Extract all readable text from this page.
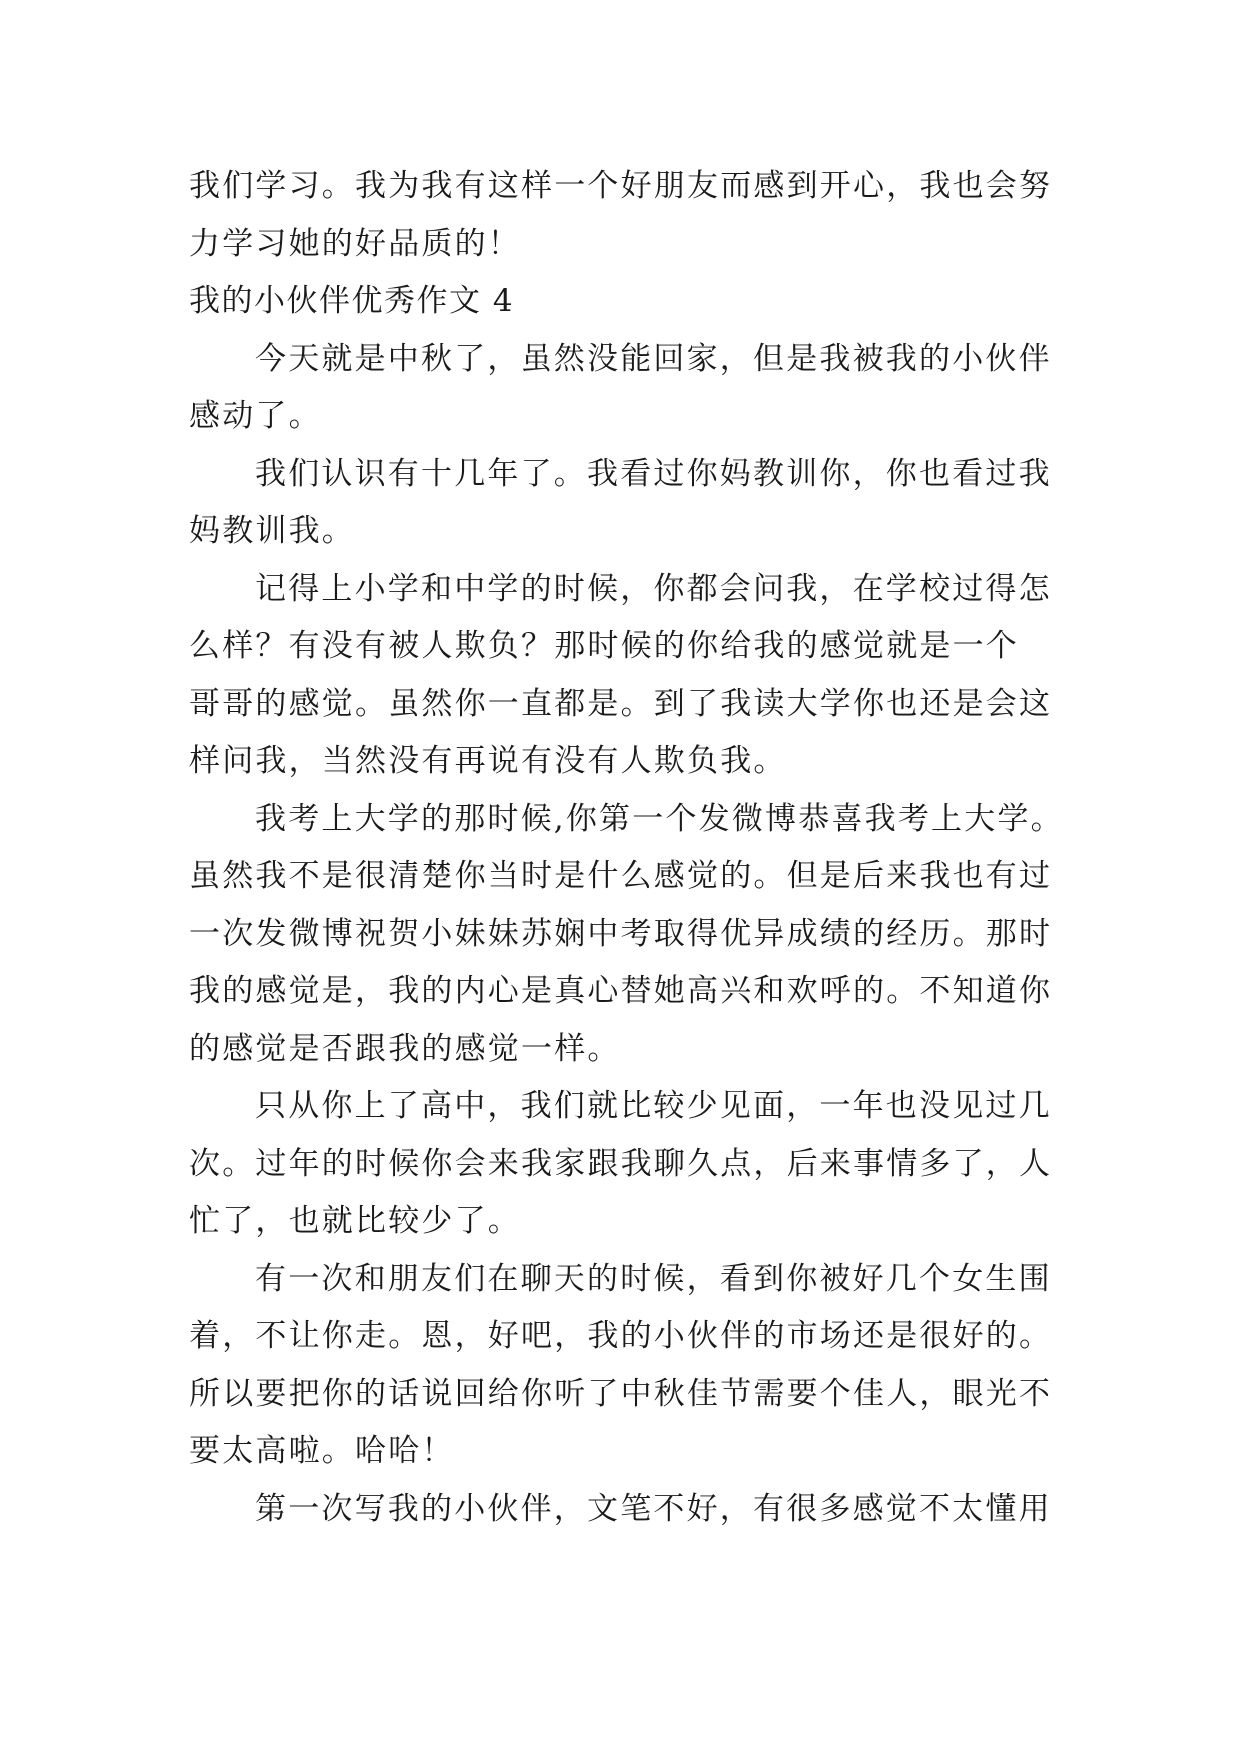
我们学习。我为我有这样一个好朋友而感到开心，我也会努
力学习她的好品质的！
我的小伙伴优秀作文 4
今天就是中秋了，虽然没能回家，但是我被我的小伙伴
感动了。
我们认识有十几年了。我看过你妈教训你，你也看过我
妈教训我。
记得上小学和中学的时候，你都会问我，在学校过得怎
么样？有没有被人欺负？那时候的你给我的感觉就是一个
哥哥的感觉。虽然你一直都是。到了我读大学你也还是会这
样问我，当然没有再说有没有人欺负我。
我考上大学的那时候,你第一个发微博恭喜我考上大学。
虽然我不是很清楚你当时是什么感觉的。但是后来我也有过
一次发微博祝贺小妹妹苏娴中考取得优异成绩的经历。那时
我的感觉是，我的内心是真心替她高兴和欢呼的。不知道你
的感觉是否跟我的感觉一样。
只从你上了高中，我们就比较少见面，一年也没见过几
次。过年的时候你会来我家跟我聊久点，后来事情多了，人
忙了，也就比较少了。
有一次和朋友们在聊天的时候，看到你被好几个女生围
着，不让你走。恩，好吧，我的小伙伴的市场还是很好的。
所以要把你的话说回给你听了中秋佳节需要个佳人，眼光不
要太高啦。哈哈！
第一次写我的小伙伴，文笔不好，有很多感觉不太懂用
